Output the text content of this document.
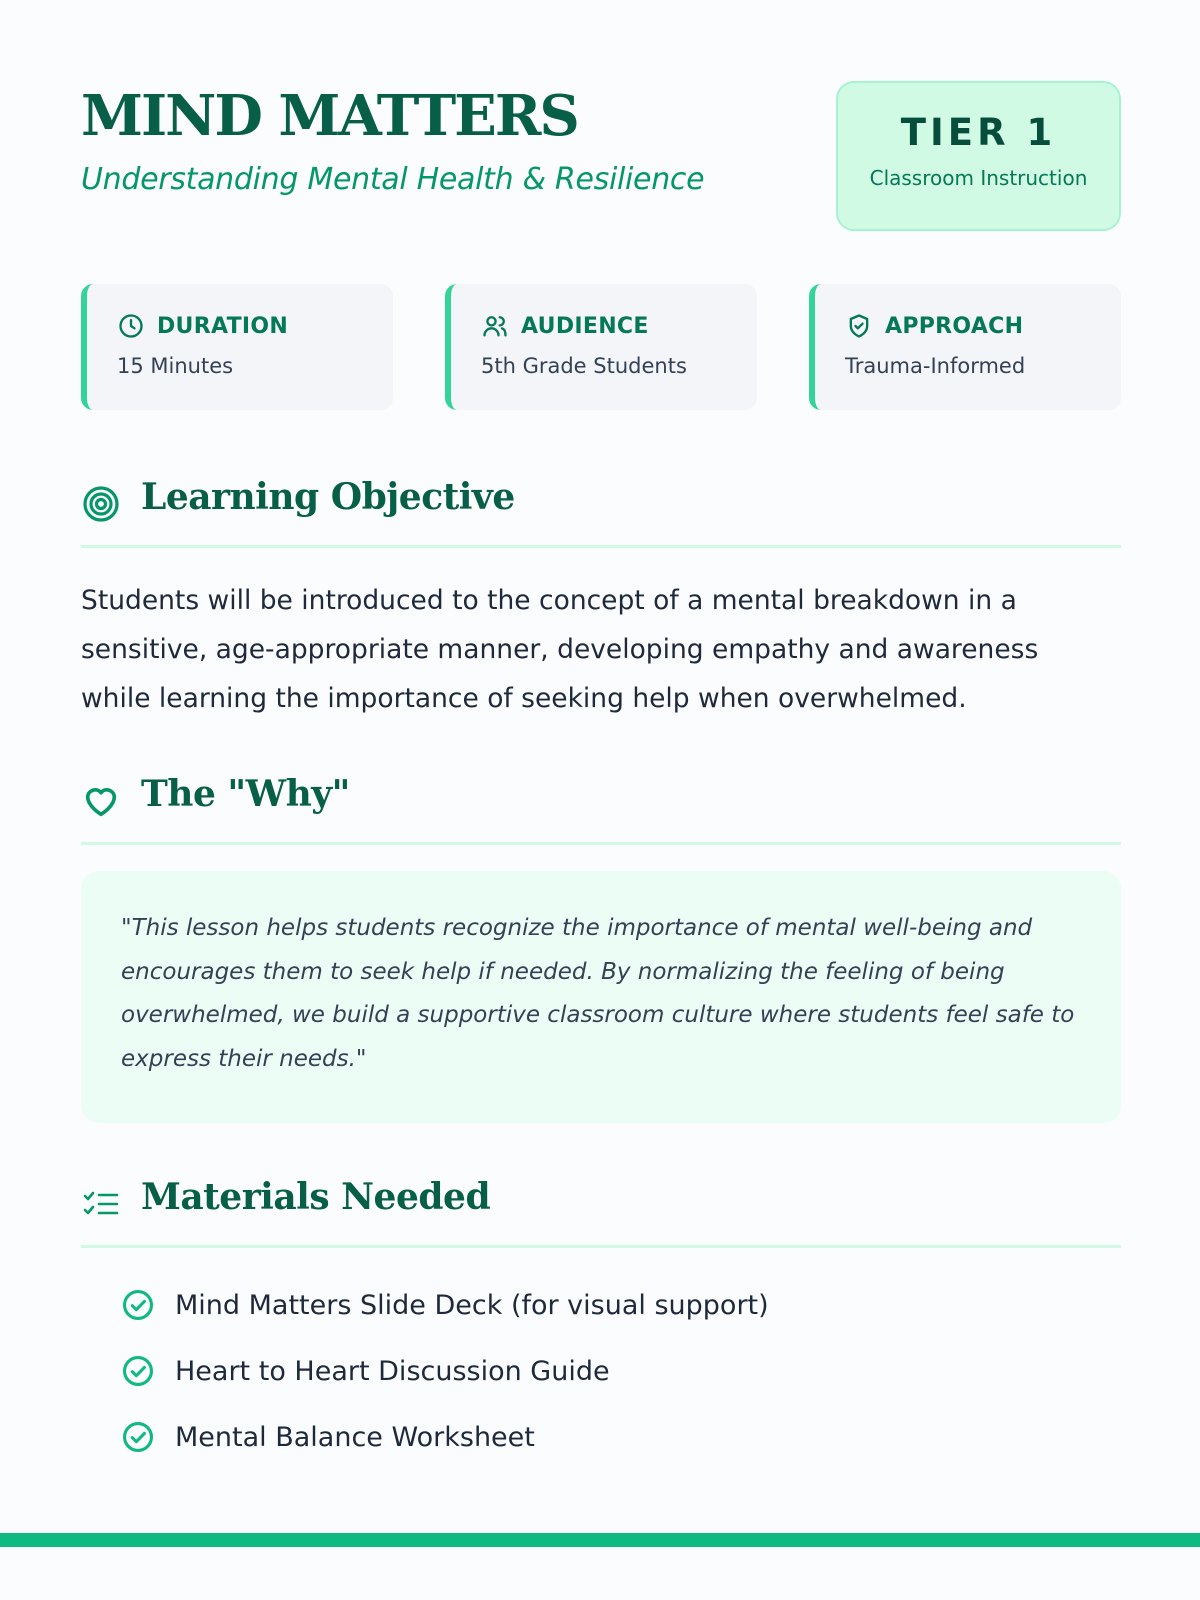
MIND MATTERS
Understanding Mental Health & Resilience
TIER 1
Classroom Instruction
DURATION
15 Minutes
AUDIENCE
5th Grade Students
APPROACH
Trauma-Informed
Learning Objective

Students will be introduced to the concept of a mental breakdown in a sensitive, age-appropriate manner, developing empathy and awareness while learning the importance of seeking help when overwhelmed.

The "Why"

"This lesson helps students recognize the importance of mental well-being and encourages them to seek help if needed. By normalizing the feeling of being overwhelmed, we build a supportive classroom culture where students feel safe to express their needs."

Materials Needed
Mind Matters Slide Deck (for visual support)
Heart to Heart Discussion Guide
Mental Balance Worksheet
